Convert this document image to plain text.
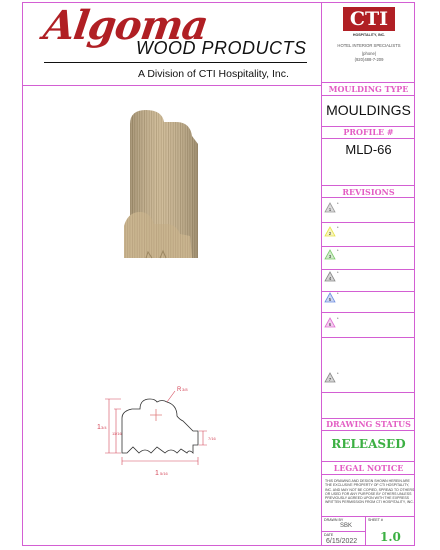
Algoma
WOOD PRODUCTS
A Division of CTI Hospitality, Inc.
CTI
HOSPITALITY, INC.
HOTEL INTERIOR SPECIALISTS
(phone)
(920)488-7-209
MOULDING TYPE
MOULDINGS
PROFILE #
MLD-66
REVISIONS
1
*
2
*
3
*
4
*
5
*
6
*
7
*
DRAWING STATUS
RELEASED
LEGAL NOTICE
THIS DRAWING AND DESIGN SHOWN HEREIN ARE THE EXCLUSIVE PROPERTY OF CTI HOSPITALITY, INC. AND MAY NOT BE COPIED, SPREAD TO OTHERS OR USED FOR ANY PURPOSE BY OTHERS UNLESS PREVIOUSLY AGREED UPON WITH THE EXPRESS WRITTEN PERMISSION FROM CTI HOSPITALITY, INC.
DRAWN BY
SBK
DATE
6/15/2022
SHEET #
1.0
R 3/8
1 3/4
11/16
7/16
1 5/16
